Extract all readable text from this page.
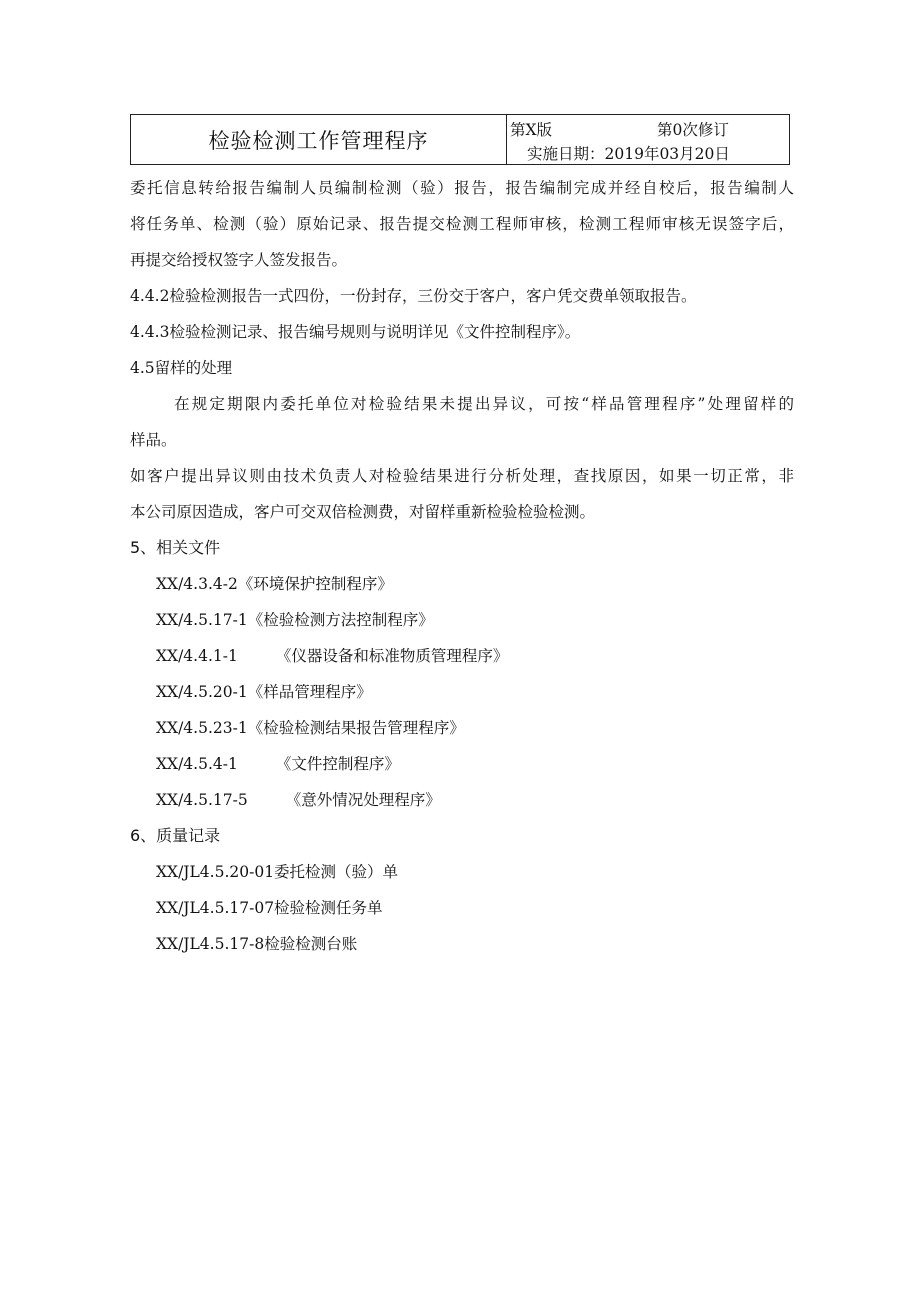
检验检测工作管理程序	第X版	第0次修订
实施日期：2019年03月20日

委托信息转给报告编制人员编制检测（验）报告，报告编制完成并经自校后，报告编制人

将任务单、检测（验）原始记录、报告提交检测工程师审核，检测工程师审核无误签字后，

再提交给授权签字人签发报告。

4.4.2检验检测报告一式四份，一份封存，三份交于客户，客户凭交费单领取报告。

4.4.3检验检测记录、报告编号规则与说明详见《文件控制程序》。

4.5留样的处理

在规定期限内委托单位对检验结果未提出异议，可按“样品管理程序”处理留样的

样品。

如客户提出异议则由技术负责人对检验结果进行分析处理，查找原因，如果一切正常，非

本公司原因造成，客户可交双倍检测费，对留样重新检验检验检测。

5、相关文件

XX/4.3.4-2《环境保护控制程序》

XX/4.5.17-1《检验检测方法控制程序》

XX/4.4.1-1 《仪器设备和标准物质管理程序》

XX/4.5.20-1《样品管理程序》

XX/4.5.23-1《检验检测结果报告管理程序》

XX/4.5.4-1 《文件控制程序》

XX/4.5.17-5 《意外情况处理程序》

6、质量记录

XX/JL4.5.20-01委托检测（验）单

XX/JL4.5.17-07检验检测任务单

XX/JL4.5.17-8检验检测台账
